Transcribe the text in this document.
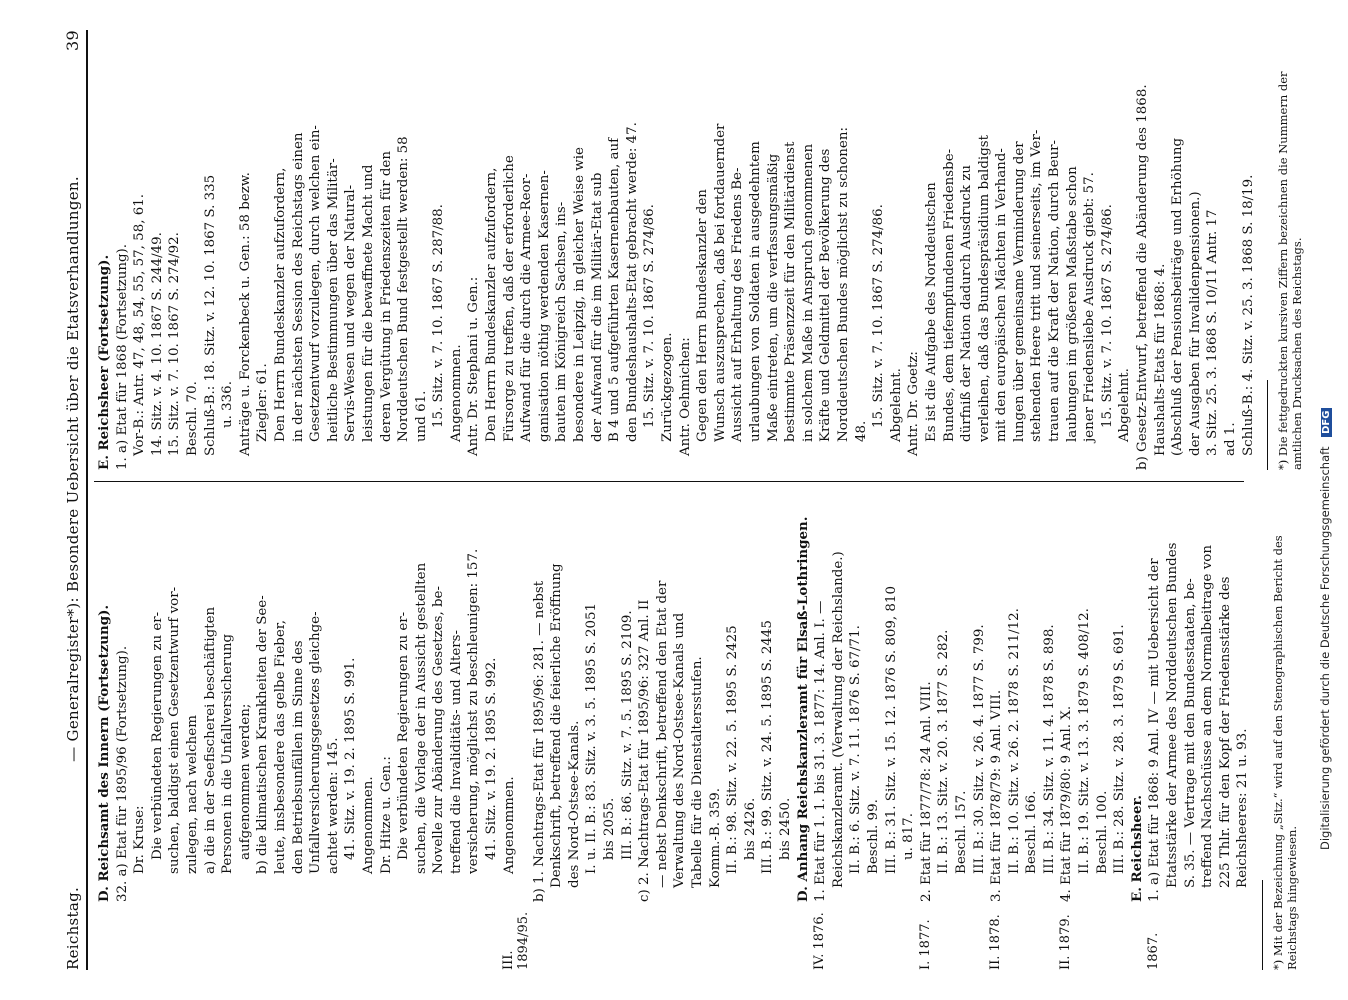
Reichstag.
— Generalregister*): Besondere Uebersicht über die Etatsverhandlungen.
39
D. Reichsamt des Innern (Fortsetzung). 32. a) Etat für 1895/96 (Fortsetzung). Dr. Kruse: Die verbündeten Regierungen zu er- suchen, baldigst einen Gesetzentwurf vor- zulegen, nach welchem a) die in der Seefischerei beschäftigten Personen in die Unfallversicherung aufgenommen werden; b) die klimatischen Krankheiten der See- leute, insbesondere das gelbe Fieber, den Betriebsunfällen im Sinne des Unfallversicherungsgesetzes gleichge- achtet werden: 145. 41. Sitz. v. 19. 2. 1895 S. 991. Angenommen. Dr. Hitze u. Gen.: Die verbündeten Regierungen zu er- suchen, die Vorlage der in Aussicht gestellten Novelle zur Abänderung des Gesetzes, be- treffend die Invaliditäts- und Alters- versicherung, möglichst zu beschleunigen: 157. 41. Sitz. v. 19. 2. 1895 S. 992.
III. 1894/95.
Angenommen.	b) 1. Nachtrags-Etat für 1895/96: 281. — nebst Denkschrift, betreffend die feierliche Eröffnung des Nord-Ostsee-Kanals. I. u. II. B.: 83. Sitz. v. 3. 5. 1895 S. 2051 bis 2055. III. B.: 86. Sitz. v. 7. 5. 1895 S. 2109. c) 2. Nachtrags-Etat für 1895/96: 327 Anl. II — nebst Denkschrift, betreffend den Etat der Verwaltung des Nord-Ostsee-Kanals und Tabelle für die Dienstaltersstufen. Komm.-B. 359. II. B.: 98. Sitz. v. 22. 5. 1895 S. 2425 bis 2426. III. B.: 99. Sitz. v. 24. 5. 1895 S. 2445 bis 2450. D. Anhang Reichskanzleramt für Elsaß-Lothringen.
IV. 1876.
1. Etat für 1. 1. bis 31. 3. 1877: 14. Anl. I. — Reichskanzleramt. (Verwaltung der Reichslande.) II. B.: 6. Sitz. v. 7. 11. 1876 S. 67/71. Beschl. 99. III. B.: 31. Sitz. v. 15. 12. 1876 S. 809, 810 u. 817.
I. 1877.
2. Etat für 1877/78: 24 Anl. VIII. II. B.: 13. Sitz. v. 20. 3. 1877 S. 282. Beschl. 157. III. B.: 30. Sitz. v. 26. 4. 1877 S. 799.
II. 1878.
3. Etat für 1878/79: 9 Anl. VIII. II. B.: 10. Sitz. v. 26. 2. 1878 S. 211/12. Beschl. 166. III. B.: 34. Sitz. v. 11. 4. 1878 S. 898.
II. 1879.
4. Etat für 1879/80: 9 Anl. X. II. B.: 19. Sitz. v. 13. 3. 1879 S. 408/12. Beschl. 100. III. B.: 28. Sitz. v. 28. 3. 1879 S. 691. E. Reichsheer.
1867.
1. a) Etat für 1868: 9 Anl. IV — mit Uebersicht der Etatsstärke der Armee des Norddeutschen Bundes S. 35. — Vertrage mit den Bundesstaaten, be- treffend Nachschüsse an dem Normalbeitrage von 225 Thlr. für den Kopf der Friedensstärke des Reichsheeres: 21 u. 93. *) Mit der Bezeichnung „Sitz.“ wird auf den Stenographischen Bericht des Reichstags hingewiesen.
E. Reichsheer (Fortsetzung). 1. a) Etat für 1868 (Fortsetzung). Vor-B.: Antr. 47, 48, 54, 55, 57, 58, 61. 14. Sitz. v. 4. 10. 1867 S. 244/49. 15. Sitz. v. 7. 10. 1867 S. 274/92. Beschl. 70. Schluß-B.: 18. Sitz. v. 12. 10. 1867 S. 335 u. 336. Anträge u. Forckenbeck u. Gen.: 58 bezw. Ziegler: 61. Den Herrn Bundeskanzler aufzufordern, in der nächsten Session des Reichstags einen Gesetzentwurf vorzulegen, durch welchen ein- heitliche Bestimmungen über das Militär- Servis-Wesen und wegen der Natural- leistungen für die bewaffnete Macht und deren Vergütung in Friedenszeiten für den Norddeutschen Bund festgestellt werden: 58 und 61. 15. Sitz. v. 7. 10. 1867 S. 287/88. Angenommen. Antr. Dr. Stephani u. Gen.: Den Herrn Bundeskanzler aufzufordern, Fürsorge zu treffen, daß der erforderliche Aufwand für die durch die Armee-Reor- ganisation nöthig werdenden Kasernen- bauten im Königreich Sachsen, ins- besondere in Leipzig, in gleicher Weise wie der Aufwand für die im Militär-Etat sub B 4 und 5 aufgeführten Kasernenbauten, auf den Bundeshaushalts-Etat gebracht werde: 47. 15. Sitz. v. 7. 10. 1867 S. 274/86. Zurückgezogen. Antr. Oehmichen: Gegen den Herrn Bundeskanzler den Wunsch auszusprechen, daß bei fortdauernder Aussicht auf Erhaltung des Friedens Be- urlaubungen von Soldaten in ausgedehntem Maße eintreten, um die verfassungsmäßig bestimmte Präsenzzeit für den Militärdienst in solchem Maße in Anspruch genommenen Kräfte und Geldmittel der Bevölkerung des Norddeutschen Bundes möglichst zu schonen: 48.
15. Sitz. v. 7. 10. 1867 S. 274/86. Abgelehnt. Antr. Dr. Goetz: Es ist die Aufgabe des Norddeutschen Bundes, dem tiefempfundenen Friedensbe- dürfniß der Nation dadurch Ausdruck zu verleihen, daß das Bundespräsidium baldigst mit den europäischen Mächten in Verhand- lungen über gemeinsame Verminderung der stehenden Heere tritt und seinerseits, im Ver- trauen auf die Kraft der Nation, durch Beur- laubungen im größeren Maßstabe schon jener Friedensliebe Ausdruck giebt: 57. 15. Sitz. v. 7. 10. 1867 S. 274/86. Abgelehnt. b) Gesetz-Entwurf, betreffend die Abänderung des 1868. Haushalts-Etats für 1868: 4. (Abschluß der Pensionsbeiträge und Erhöhung der Ausgaben für Invalidenpensionen.) 3. Sitz. 25. 3. 1868 S. 10/11 Antr. 17 ad 1. Schluß-B.: 4. Sitz. v. 25. 3. 1868 S. 18/19. *) Die fettgedruckten kursiven Ziffern bezeichnen die Nummern der amtlichen Drucksachen des Reichstags.
Digitalisierung gefördert durch die Deutsche Forschungsgemeinschaft DFG
